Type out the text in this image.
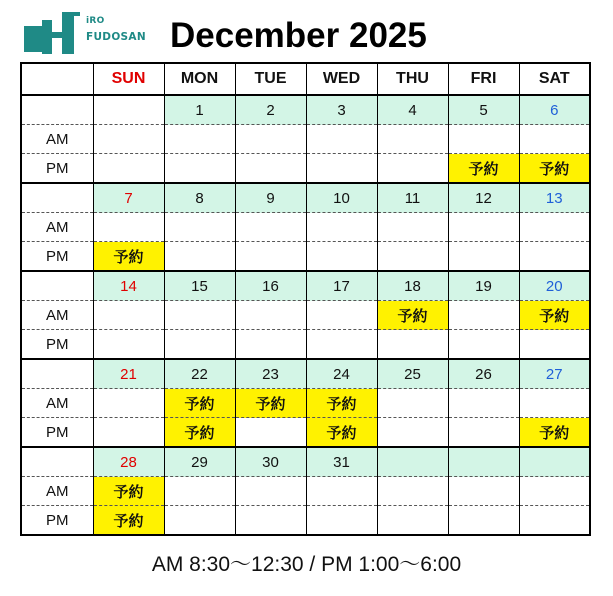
iRO
FUDOSAN December 2025
	SUN	MON	TUE	WED	THU	FRI	SAT
		1	2	3	4	5	6
AM							
PM						予約	予約
	7	8	9	10	11	12	13
AM							
PM	予約						
	14	15	16	17	18	19	20
AM					予約		予約
PM							
	21	22	23	24	25	26	27
AM		予約	予約	予約			
PM		予約		予約			予約
	28	29	30	31			
AM	予約						
PM	予約						
AM 8:30～12:30 / PM 1:00～6:00
